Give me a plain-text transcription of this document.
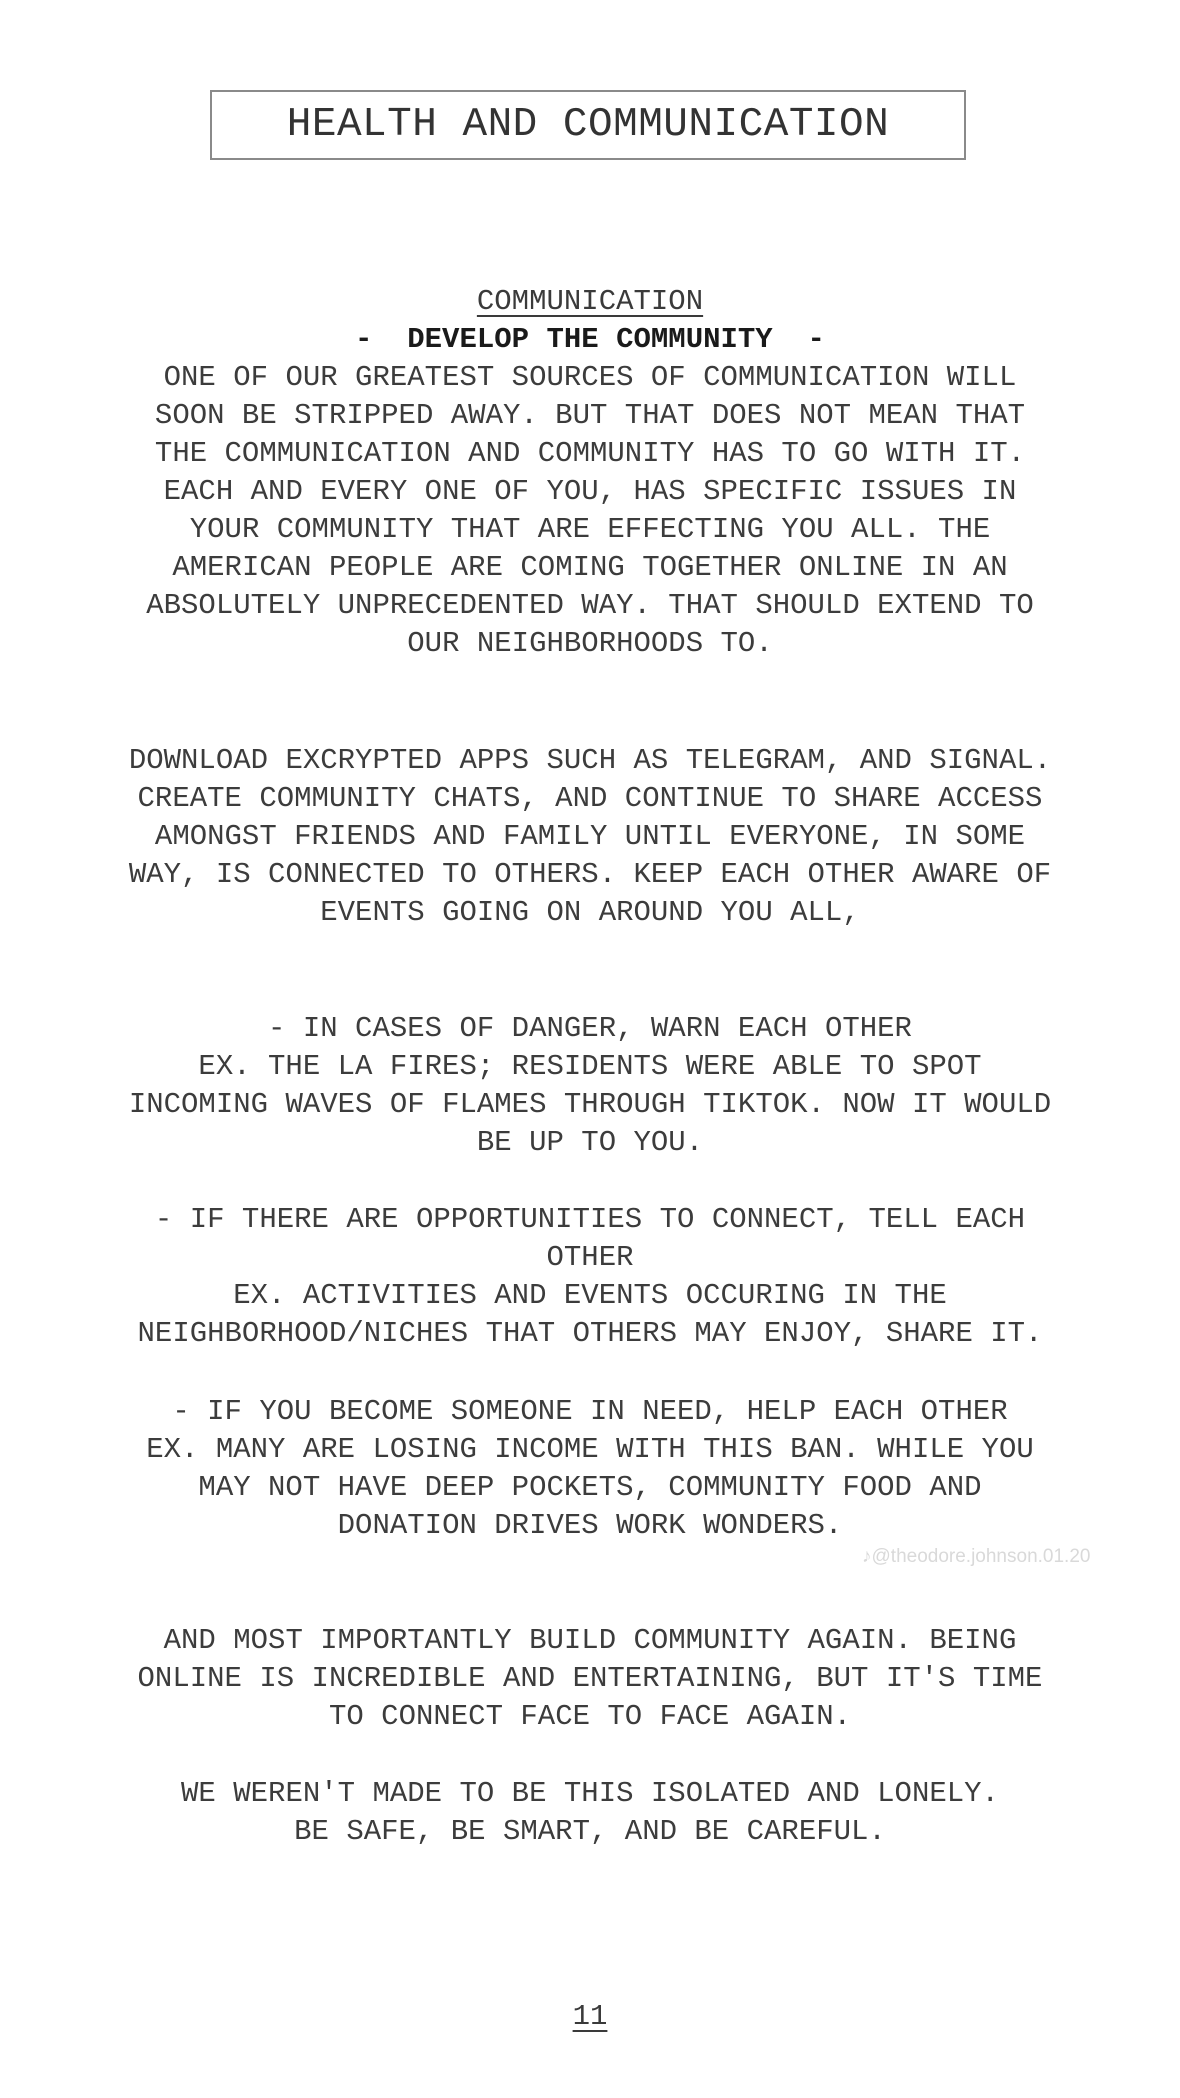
HEALTH AND COMMUNICATION
COMMUNICATION
-  DEVELOP THE COMMUNITY  -
ONE OF OUR GREATEST SOURCES OF COMMUNICATION WILL
SOON BE STRIPPED AWAY. BUT THAT DOES NOT MEAN THAT
THE COMMUNICATION AND COMMUNITY HAS TO GO WITH IT.
EACH AND EVERY ONE OF YOU, HAS SPECIFIC ISSUES IN
YOUR COMMUNITY THAT ARE EFFECTING YOU ALL. THE
AMERICAN PEOPLE ARE COMING TOGETHER ONLINE IN AN
ABSOLUTELY UNPRECEDENTED WAY. THAT SHOULD EXTEND TO
OUR NEIGHBORHOODS TO.
DOWNLOAD EXCRYPTED APPS SUCH AS TELEGRAM, AND SIGNAL.
CREATE COMMUNITY CHATS, AND CONTINUE TO SHARE ACCESS
AMONGST FRIENDS AND FAMILY UNTIL EVERYONE, IN SOME
WAY, IS CONNECTED TO OTHERS. KEEP EACH OTHER AWARE OF
EVENTS GOING ON AROUND YOU ALL,
- IN CASES OF DANGER, WARN EACH OTHER
EX. THE LA FIRES; RESIDENTS WERE ABLE TO SPOT
INCOMING WAVES OF FLAMES THROUGH TIKTOK. NOW IT WOULD
BE UP TO YOU.
- IF THERE ARE OPPORTUNITIES TO CONNECT, TELL EACH
OTHER
EX. ACTIVITIES AND EVENTS OCCURING IN THE
NEIGHBORHOOD/NICHES THAT OTHERS MAY ENJOY, SHARE IT.
- IF YOU BECOME SOMEONE IN NEED, HELP EACH OTHER
EX. MANY ARE LOSING INCOME WITH THIS BAN. WHILE YOU
MAY NOT HAVE DEEP POCKETS, COMMUNITY FOOD AND
DONATION DRIVES WORK WONDERS.
AND MOST IMPORTANTLY BUILD COMMUNITY AGAIN. BEING
ONLINE IS INCREDIBLE AND ENTERTAINING, BUT IT'S TIME
TO CONNECT FACE TO FACE AGAIN.
WE WEREN'T MADE TO BE THIS ISOLATED AND LONELY.
BE SAFE, BE SMART, AND BE CAREFUL.
♪@theodore.johnson.01.20
11
